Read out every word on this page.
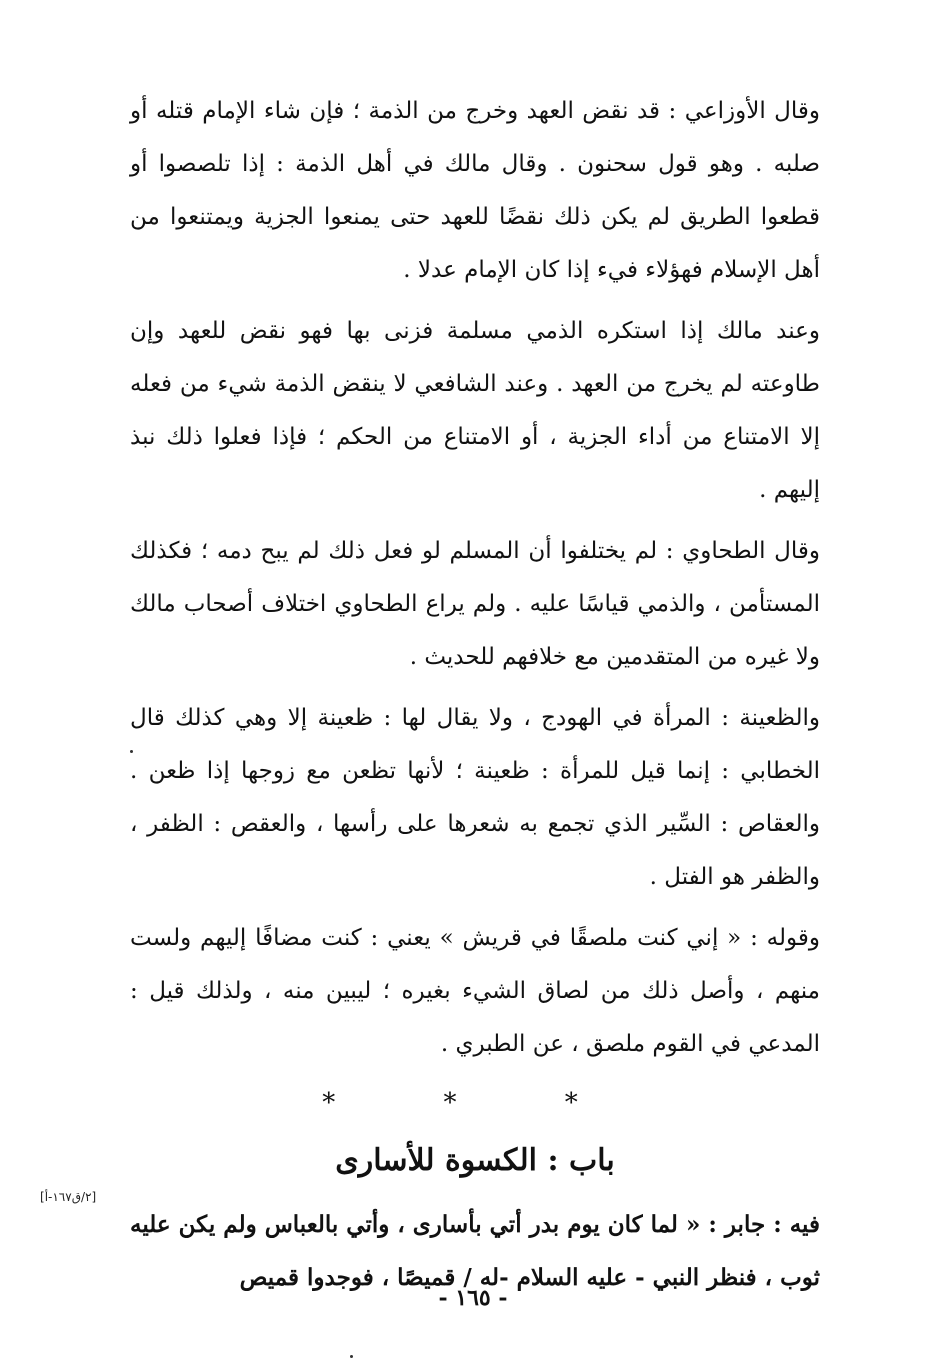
وقال الأوزاعي : قد نقض العهد وخرج من الذمة ؛ فإن شاء الإمام قتله أو صلبه . وهو قول سحنون . وقال مالك في أهل الذمة : إذا تلصصوا أو قطعوا الطريق لم يكن ذلك نقضًا للعهد حتى يمنعوا الجزية ويمتنعوا من أهل الإسلام فهؤلاء فيء إذا كان الإمام عدلا .

وعند مالك إذا استكره الذمي مسلمة فزنى بها فهو نقض للعهد وإن طاوعته لم يخرج من العهد . وعند الشافعي لا ينقض الذمة شيء من فعله إلا الامتناع من أداء الجزية ، أو الامتناع من الحكم ؛ فإذا فعلوا ذلك نبذ إليهم .

وقال الطحاوي : لم يختلفوا أن المسلم لو فعل ذلك لم يبح دمه ؛ فكذلك المستأمن ، والذمي قياسًا عليه . ولم يراع الطحاوي اختلاف أصحاب مالك ولا غيره من المتقدمين مع خلافهم للحديث .

والظعينة : المرأة في الهودج ، ولا يقال لها : ظعينة إلا وهي كذلك قال الخطابي : إنما قيل للمرأة : ظعينة ؛ لأنها تظعن مع زوجها إذا ظعن . والعقاص : السِّير الذي تجمع به شعرها على رأسها ، والعقص : الظفر ، والظفر هو الفتل .

وقوله : « إني كنت ملصقًا في قريش » يعني : كنت مضافًا إليهم ولست منهم ، وأصل ذلك من لصاق الشيء بغيره ؛ ليبين منه ، ولذلك قيل : المدعي في القوم ملصق ، عن الطبري .

* * *
باب : الكسوة للأسارى

فيه : جابر : « لما كان يوم بدر أتي بأسارى ، وأتي بالعباس ولم يكن عليه ثوب ، فنظر النبي - عليه السلام -له / قميصًا ، فوجدوا قميص

[٢/ق١٦٧-أ]
- ١٦٥ -
